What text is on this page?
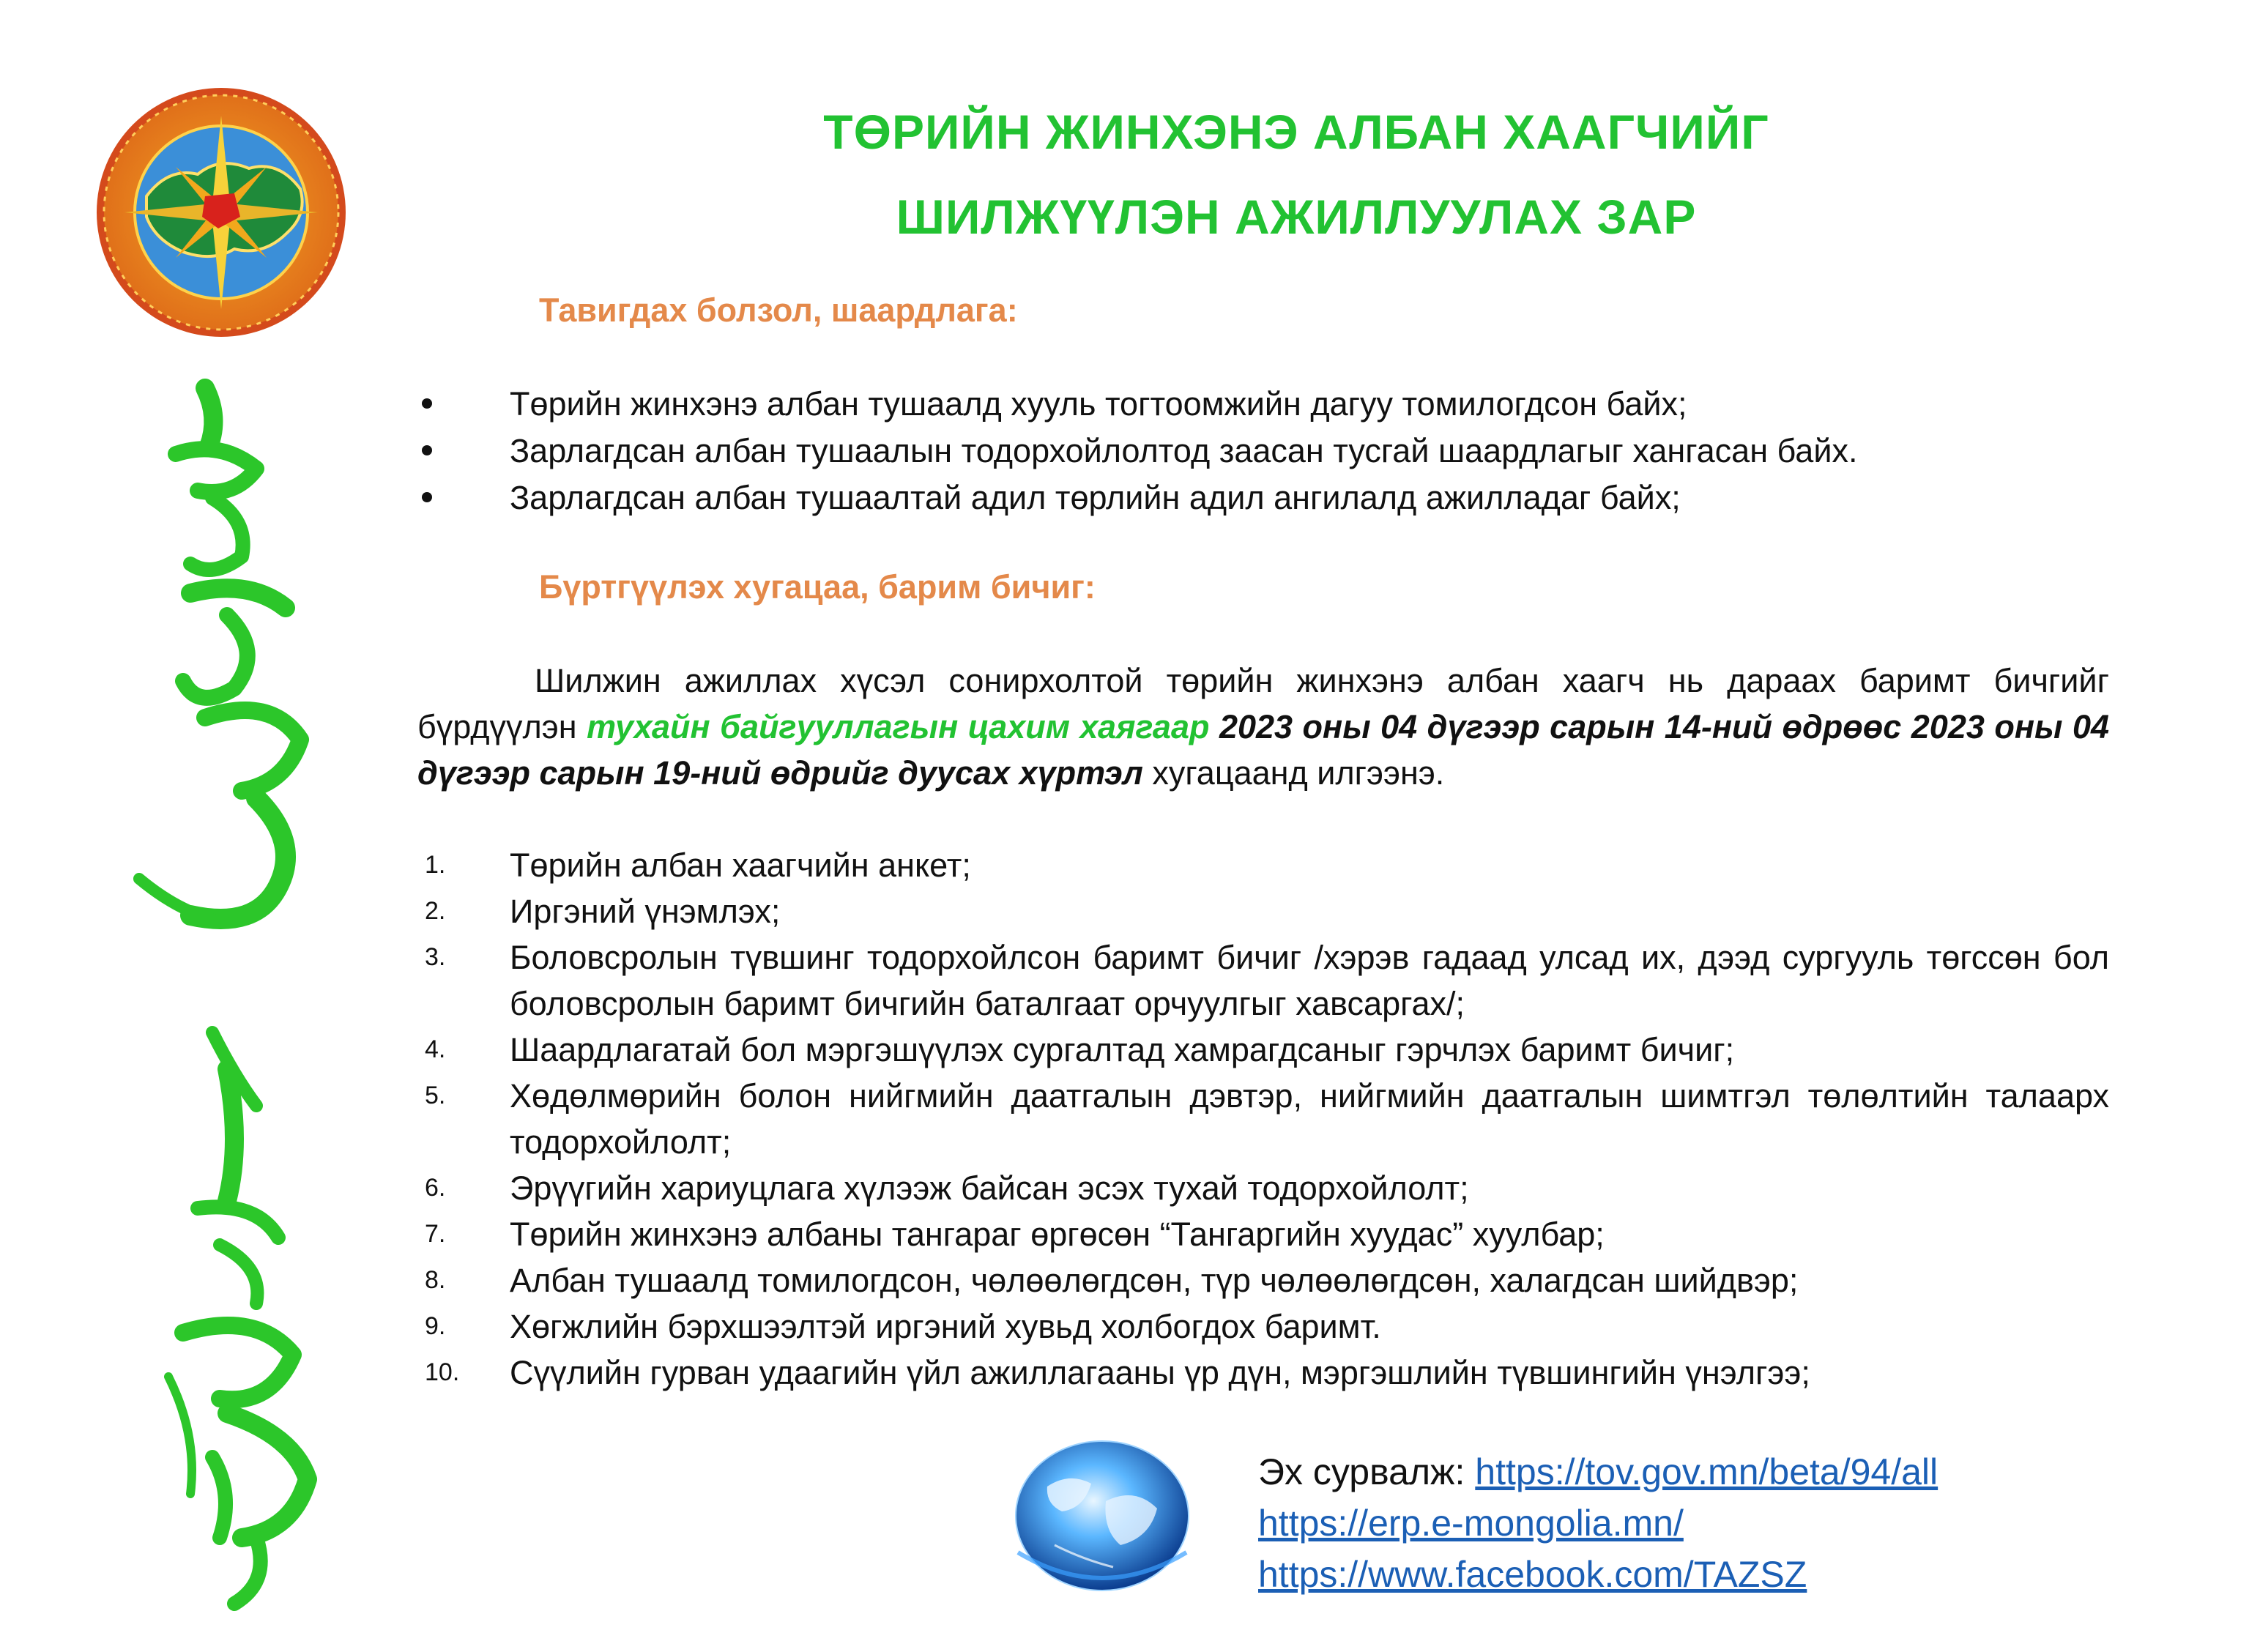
ТӨРИЙН ЖИНХЭНЭ АЛБАН ХААГЧИЙГ
ШИЛЖҮҮЛЭН АЖИЛЛУУЛАХ ЗАР
Тавигдах болзол, шаардлага:
Төрийн жинхэнэ албан тушаалд хууль тогтоомжийн дагуу томилогдсон байх;
Зарлагдсан албан тушаалын тодорхойлолтод заасан тусгай шаардлагыг хангасан байх.
Зарлагдсан албан тушаалтай адил төрлийн адил ангилалд ажилладаг байх;
Бүртгүүлэх хугацаа, барим бичиг:

Шилжин ажиллах хүсэл сонирхолтой төрийн жинхэнэ албан хаагч нь дараах баримт бичгийг бүрдүүлэн тухайн байгууллагын цахим хаягаар 2023 оны 04 дүгээр сарын 14-ний өдрөөс 2023 оны 04 дүгээр сарын 19-ний өдрийг дуусах хүртэл хугацаанд илгээнэ.

1. Төрийн албан хаагчийн анкет;
2. Иргэний үнэмлэх;
3. Боловсролын түвшинг тодорхойлсон баримт бичиг /хэрэв гадаад улсад их, дээд сургууль төгссөн бол боловсролын баримт бичгийн баталгаат орчуулгыг хавсаргах/;
4. Шаардлагатай бол мэргэшүүлэх сургалтад хамрагдсаныг гэрчлэх баримт бичиг;
5. Хөдөлмөрийн болон нийгмийн даатгалын дэвтэр, нийгмийн даатгалын шимтгэл төлөлтийн талаарх тодорхойлолт;
6. Эрүүгийн хариуцлага хүлээж байсан эсэх тухай тодорхойлолт;
7. Төрийн жинхэнэ албаны тангараг өргөсөн “Тангаргийн хуудас” хуулбар;
8. Албан тушаалд томилогдсон, чөлөөлөгдсөн, түр чөлөөлөгдсөн, халагдсан шийдвэр;
9. Хөгжлийн бэрхшээлтэй иргэний хувьд холбогдох баримт.
10. Сүүлийн гурван удаагийн үйл ажиллагааны үр дүн, мэргэшлийн түвшингийн үнэлгээ;
Эх сурвалж: https://tov.gov.mn/beta/94/all
https://erp.e-mongolia.mn/
https://www.facebook.com/TAZSZ
